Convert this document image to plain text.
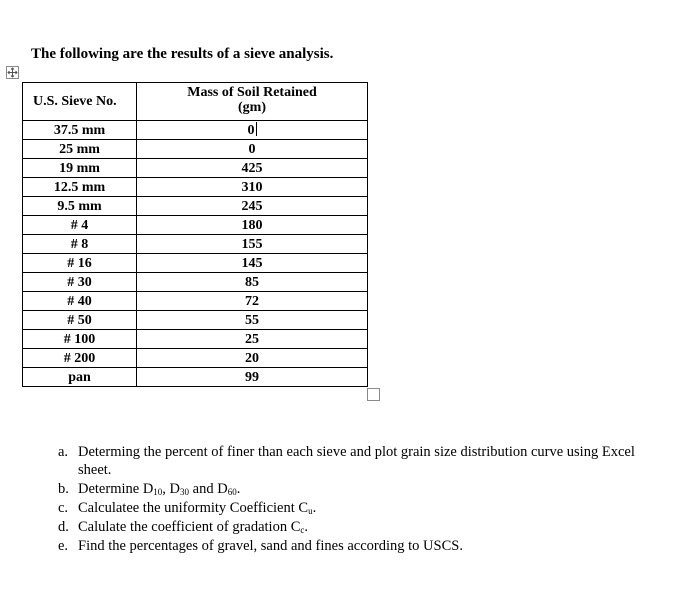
The following are the results of a sieve analysis.
U.S. Sieve No.	Mass of Soil Retained
(gm)

37.5 mm	0
25 mm	0
19 mm	425
12.5 mm	310
9.5 mm	245
# 4	180
# 8	155
# 16	145
# 30	85
# 40	72
# 50	55
# 100	25
# 200	20
pan	99
a. Determing the percent of finer than each sieve and plot grain size distribution curve using Excel sheet.
b. Determine $D_{10}$, $D_{30}$ and $D_{60}$.
c. Calculatee the uniformity Coefficient $C_u$.
d. Calulate the coefficient of gradation $C_c$.
e. Find the percentages of gravel, sand and fines according to USCS.
